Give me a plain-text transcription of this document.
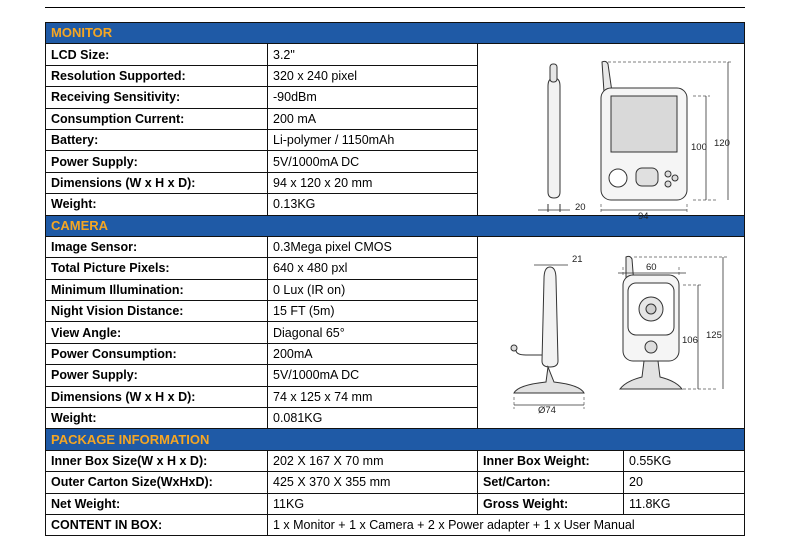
MONITOR			
LCD Size:	3.2"	20
94
100 120	

Resolution Supported:	320 x 240 pixel		
Receiving Sensitivity:	-90dBm		
Consumption Current:	200 mA		
Battery:	Li-polymer / 1150mAh		
Power Supply:	5V/1000mA DC		
Dimensions (W x H x D):	94 x 120 x 20 mm		
Weight:	0.13KG		
CAMERA			
Image Sensor:	0.3Mega pixel CMOS	21
60
106 125
Ø74	

Total Picture Pixels:	640 x 480 pxl		
Minimum Illumination:	0 Lux (IR on)		
Night Vision Distance:	15 FT (5m)		
View Angle:	Diagonal 65°		
Power Consumption:	200mA		
Power Supply:	5V/1000mA DC		
Dimensions (W x H x D):	74 x 125 x 74 mm		
Weight:	0.081KG		
PACKAGE INFORMATION			
Inner Box Size(W x H x D):	202 X 167 X 70 mm	Inner Box Weight:	0.55KG
Outer Carton Size(WxHxD):	425 X 370 X 355 mm	Set/Carton:	20
Net Weight:	11KG	Gross Weight:	11.8KG
CONTENT IN BOX:	1 x Monitor + 1 x Camera + 2 x Power adapter + 1 x User Manual		
